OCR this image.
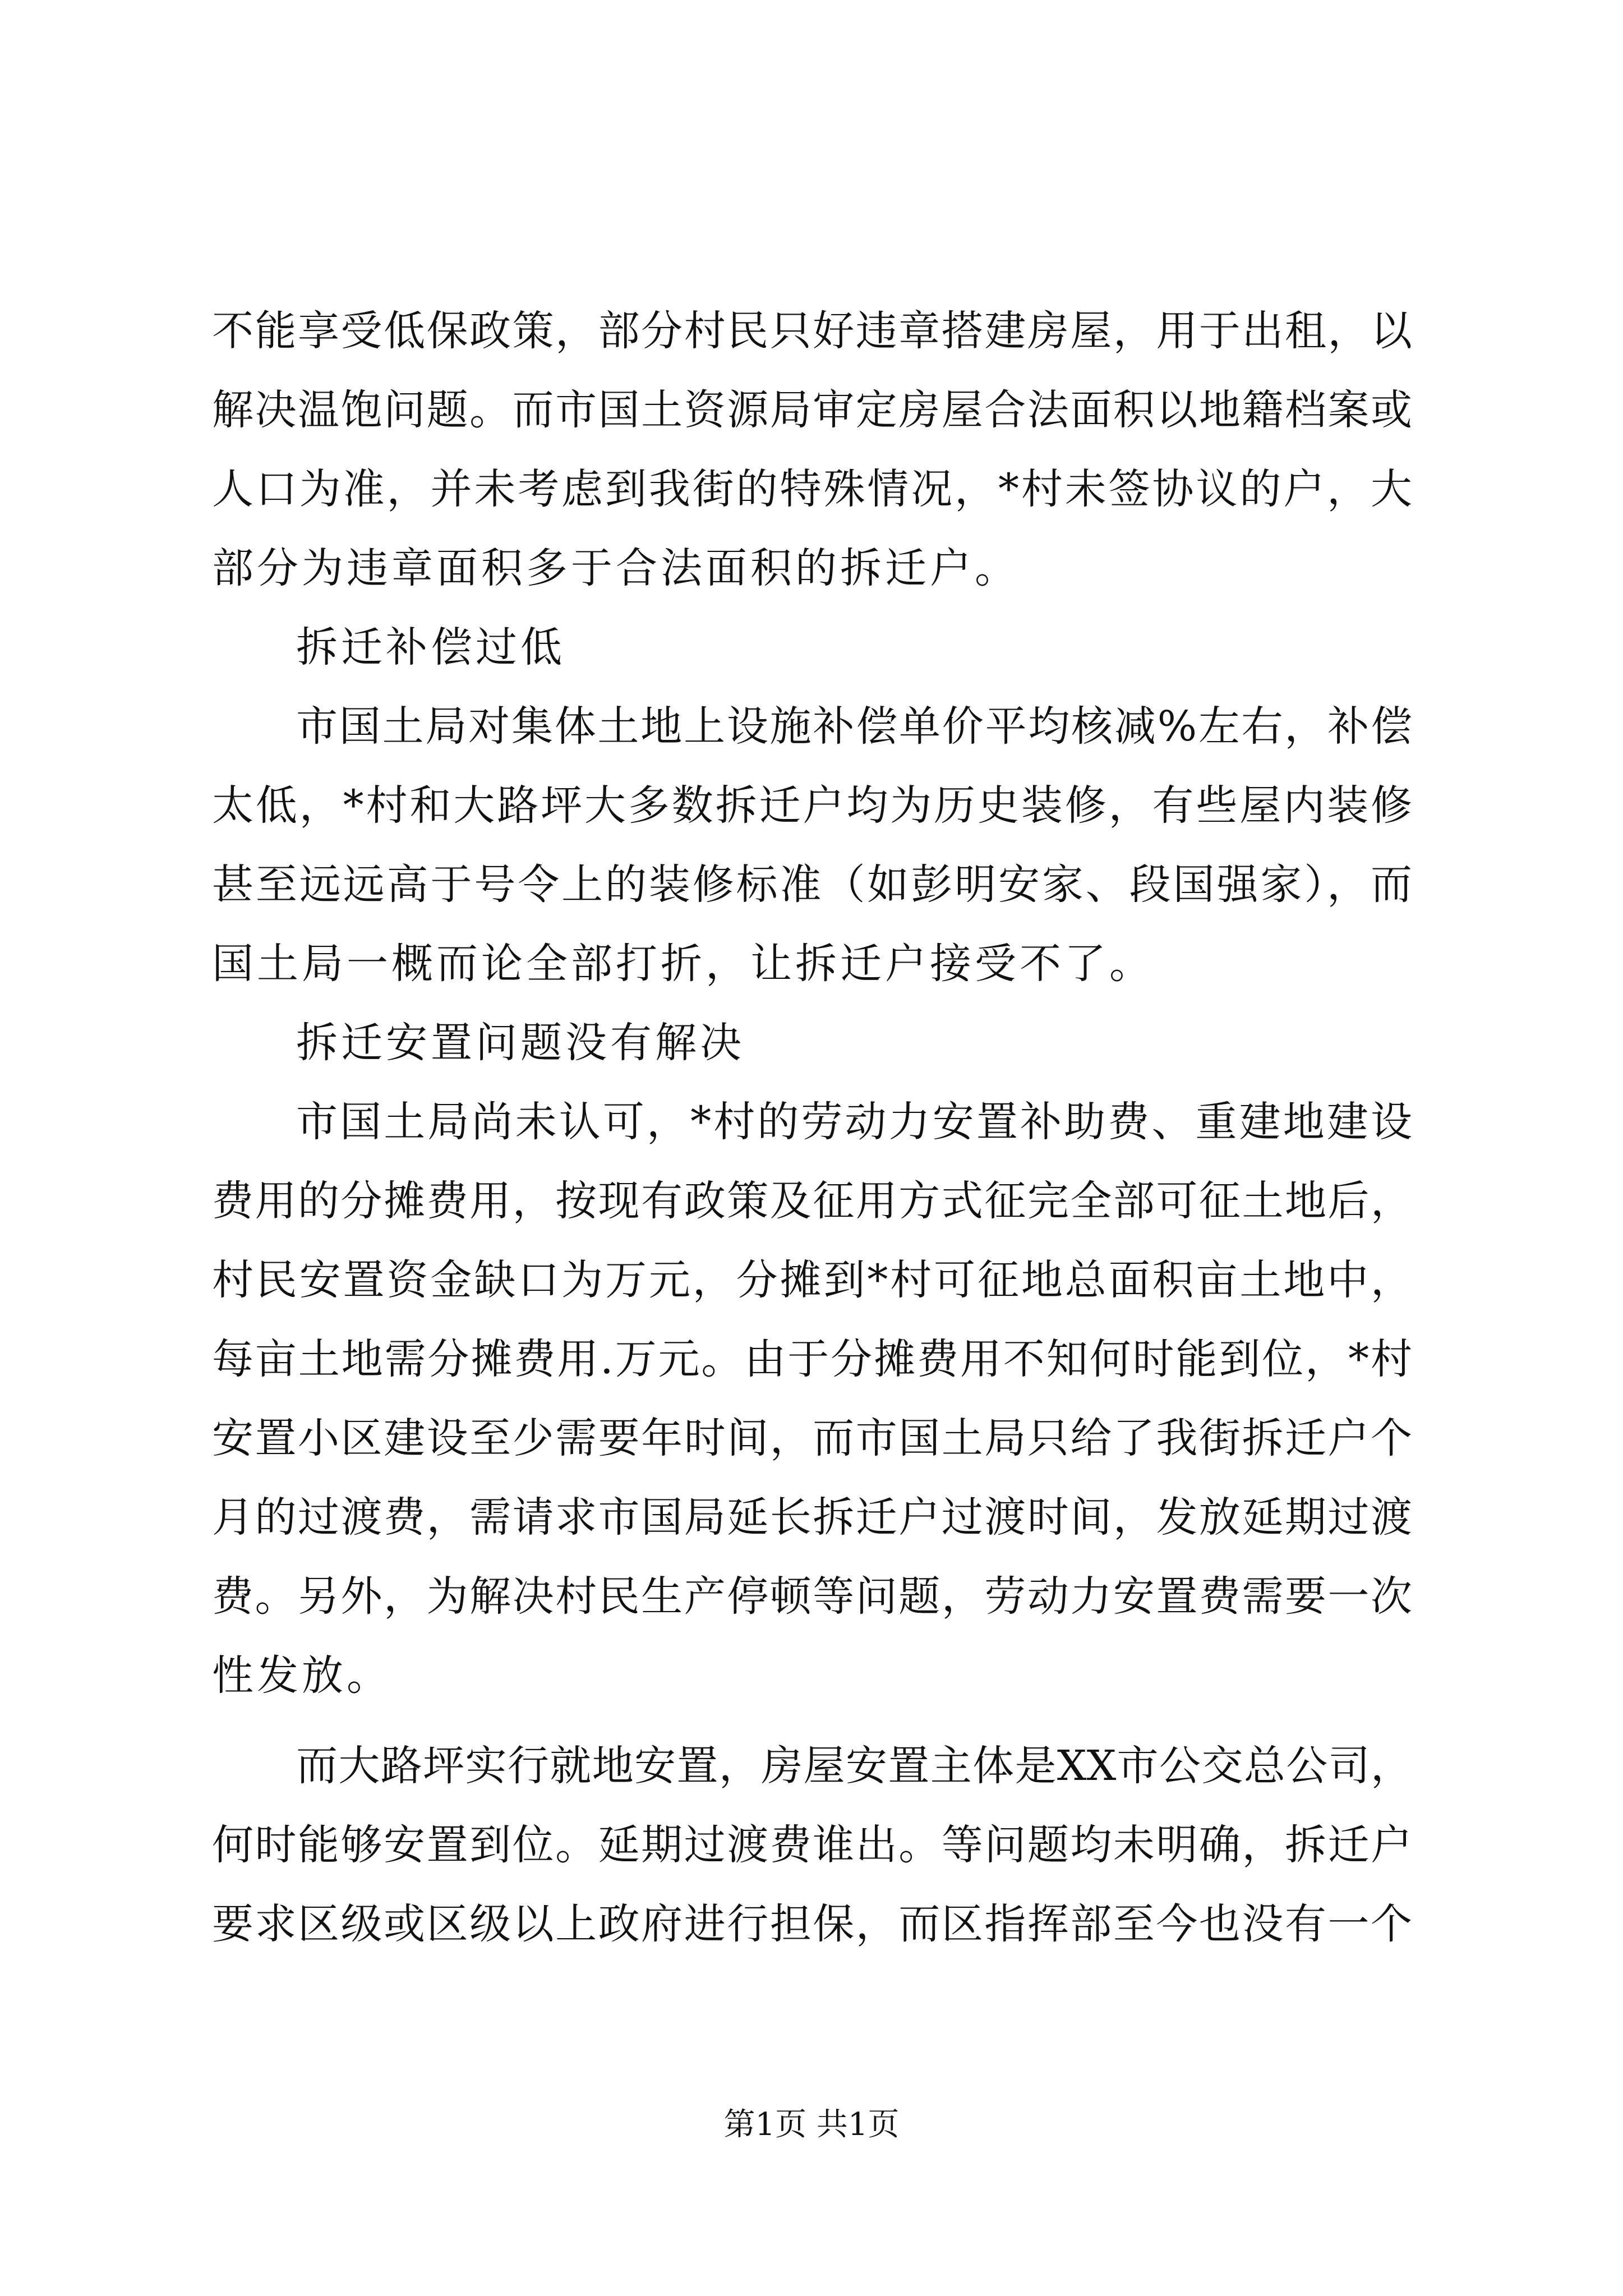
不能享受低保政策，部分村民只好违章搭建房屋，用于出租，以
解决温饱问题。而市国土资源局审定房屋合法面积以地籍档案或
人口为准，并未考虑到我街的特殊情况，*村未签协议的户，大
部分为违章面积多于合法面积的拆迁户。
拆迁补偿过低
市国土局对集体土地上设施补偿单价平均核减%左右，补偿
太低，*村和大路坪大多数拆迁户均为历史装修，有些屋内装修
甚至远远高于号令上的装修标准（如彭明安家、段国强家），而
国土局一概而论全部打折，让拆迁户接受不了。
拆迁安置问题没有解决
市国土局尚未认可，*村的劳动力安置补助费、重建地建设
费用的分摊费用，按现有政策及征用方式征完全部可征土地后，
村民安置资金缺口为万元，分摊到*村可征地总面积亩土地中，
每亩土地需分摊费用.万元。由于分摊费用不知何时能到位，*村
安置小区建设至少需要年时间，而市国土局只给了我街拆迁户个
月的过渡费，需请求市国局延长拆迁户过渡时间，发放延期过渡
费。另外，为解决村民生产停顿等问题，劳动力安置费需要一次
性发放。
而大路坪实行就地安置，房屋安置主体是XX市公交总公司，
何时能够安置到位。延期过渡费谁出。等问题均未明确，拆迁户
要求区级或区级以上政府进行担保，而区指挥部至今也没有一个
第1页 共1页
